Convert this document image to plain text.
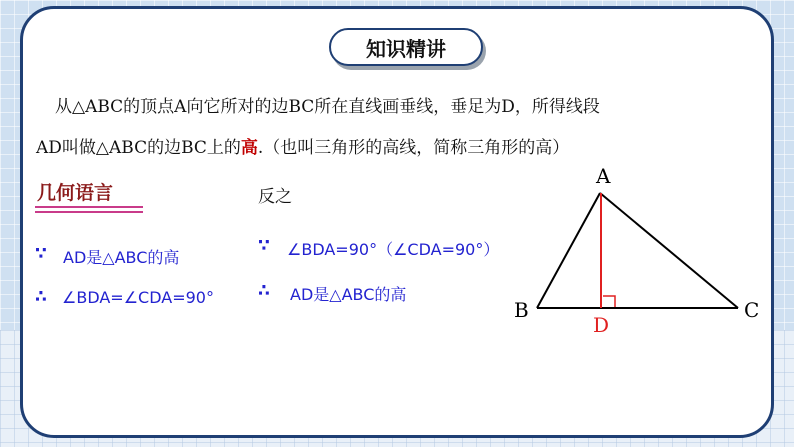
知识精讲
从△ABC的顶点A向它所对的边BC所在直线画垂线，垂足为D，所得线段
AD叫做△ABC的边BC上的高.（也叫三角形的高线，简称三角形的高）
几何语言	反之
∵ AD是△ABC的高
∴ ∠BDA=∠CDA=90°
∵ ∠BDA=90°（∠CDA=90°）
∴ AD是△ABC的高
A
B	C
D
